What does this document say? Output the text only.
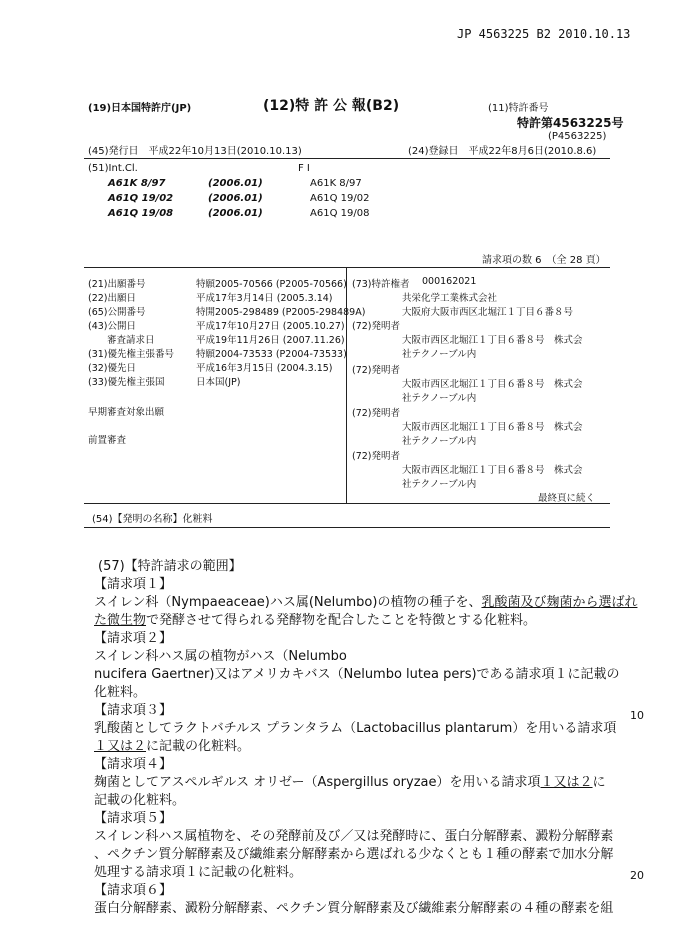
JP 4563225 B2 2010.10.13
(19)日本国特許庁(JP)	(12)特 許 公 報(B2)	(11)特許番号
特許第4563225号
(P4563225)
(45)発行日　平成22年10月13日(2010.10.13)	(24)登録日　平成22年8月6日(2010.8.6)
(51)Int.Cl.	F I
A61K 8/97	(2006.01)	A61K 8/97
A61Q 19/02	(2006.01)	A61Q 19/02
A61Q 19/08	(2006.01)	A61Q 19/08
請求項の数 6　（全 28 頁）
(21)出願番号	特願2005-70566 (P2005-70566)
(22)出願日	平成17年3月14日 (2005.3.14)
(65)公開番号	特開2005-298489 (P2005-298489A)
(43)公開日	平成17年10月27日 (2005.10.27)
　　審査請求日	平成19年11月26日 (2007.11.26)
(31)優先権主張番号 特願2004-73533 (P2004-73533)
(32)優先日	平成16年3月15日 (2004.3.15)
(33)優先権主張国	日本国(JP)
早期審査対象出願
前置審査
(73)特許権者 000162021
共栄化学工業株式会社
大阪府大阪市西区北堀江１丁目６番８号
(72)発明者
大阪市西区北堀江１丁目６番８号　株式会
社テクノーブル内
(72)発明者
大阪市西区北堀江１丁目６番８号　株式会
社テクノーブル内
(72)発明者
大阪市西区北堀江１丁目６番８号　株式会
社テクノーブル内
(72)発明者
大阪市西区北堀江１丁目６番８号　株式会
社テクノーブル内
最終頁に続く
(54)【発明の名称】化粧料
(57)【特許請求の範囲】
【請求項１】
スイレン科（Nympaeaceae)ハス属(Nelumbo)の植物の種子を、乳酸菌及び麹菌から選ばれ
た微生物で発酵させて得られる発酵物を配合したことを特徴とする化粧料。
【請求項２】
スイレン科ハス属の植物がハス（Nelumbo
nucifera Gaertner)又はアメリカキバス（Nelumbo lutea pers)である請求項１に記載の
化粧料。
【請求項３】
乳酸菌としてラクトバチルス プランタラム（Lactobacillus plantarum）を用いる請求項
１又は２に記載の化粧料。
10
【請求項４】
麹菌としてアスペルギルス オリゼー（Aspergillus oryzae）を用いる請求項１又は２に
記載の化粧料。
【請求項５】
スイレン科ハス属植物を、その発酵前及び／又は発酵時に、蛋白分解酵素、澱粉分解酵素
、ペクチン質分解酵素及び繊維素分解酵素から選ばれる少なくとも１種の酵素で加水分解
処理する請求項１に記載の化粧料。
【請求項６】
蛋白分解酵素、澱粉分解酵素、ペクチン質分解酵素及び繊維素分解酵素の４種の酵素を組
20
